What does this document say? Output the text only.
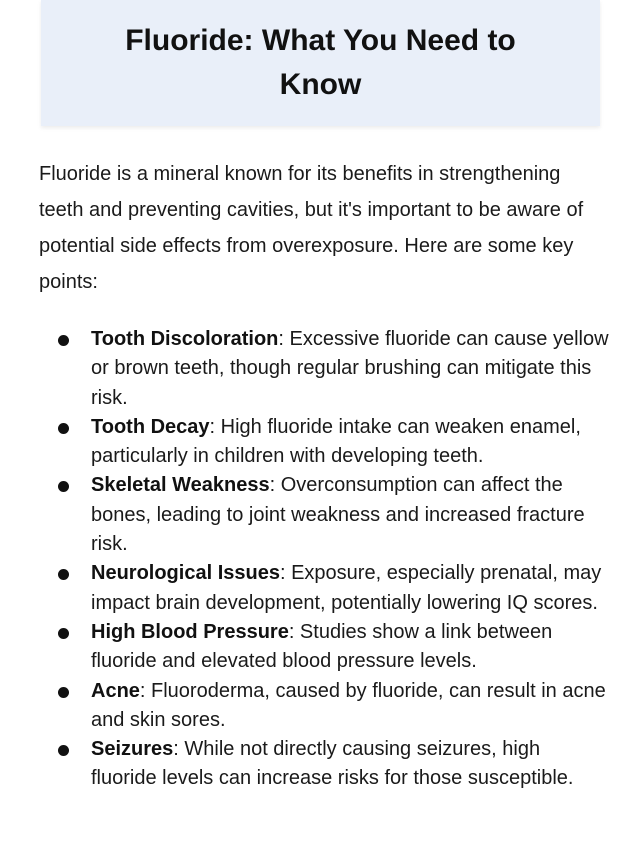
Fluoride: What You Need to Know

Fluoride is a mineral known for its benefits in strengthening teeth and preventing cavities, but it's important to be aware of potential side effects from overexposure. Here are some key points:

Tooth Discoloration: Excessive fluoride can cause yellow or brown teeth, though regular brushing can mitigate this risk.
Tooth Decay: High fluoride intake can weaken enamel, particularly in children with developing teeth.
Skeletal Weakness: Overconsumption can affect the bones, leading to joint weakness and increased fracture risk.
Neurological Issues: Exposure, especially prenatal, may impact brain development, potentially lowering IQ scores.
High Blood Pressure: Studies show a link between fluoride and elevated blood pressure levels.
Acne: Fluoroderma, caused by fluoride, can result in acne and skin sores.
Seizures: While not directly causing seizures, high fluoride levels can increase risks for those susceptible.
